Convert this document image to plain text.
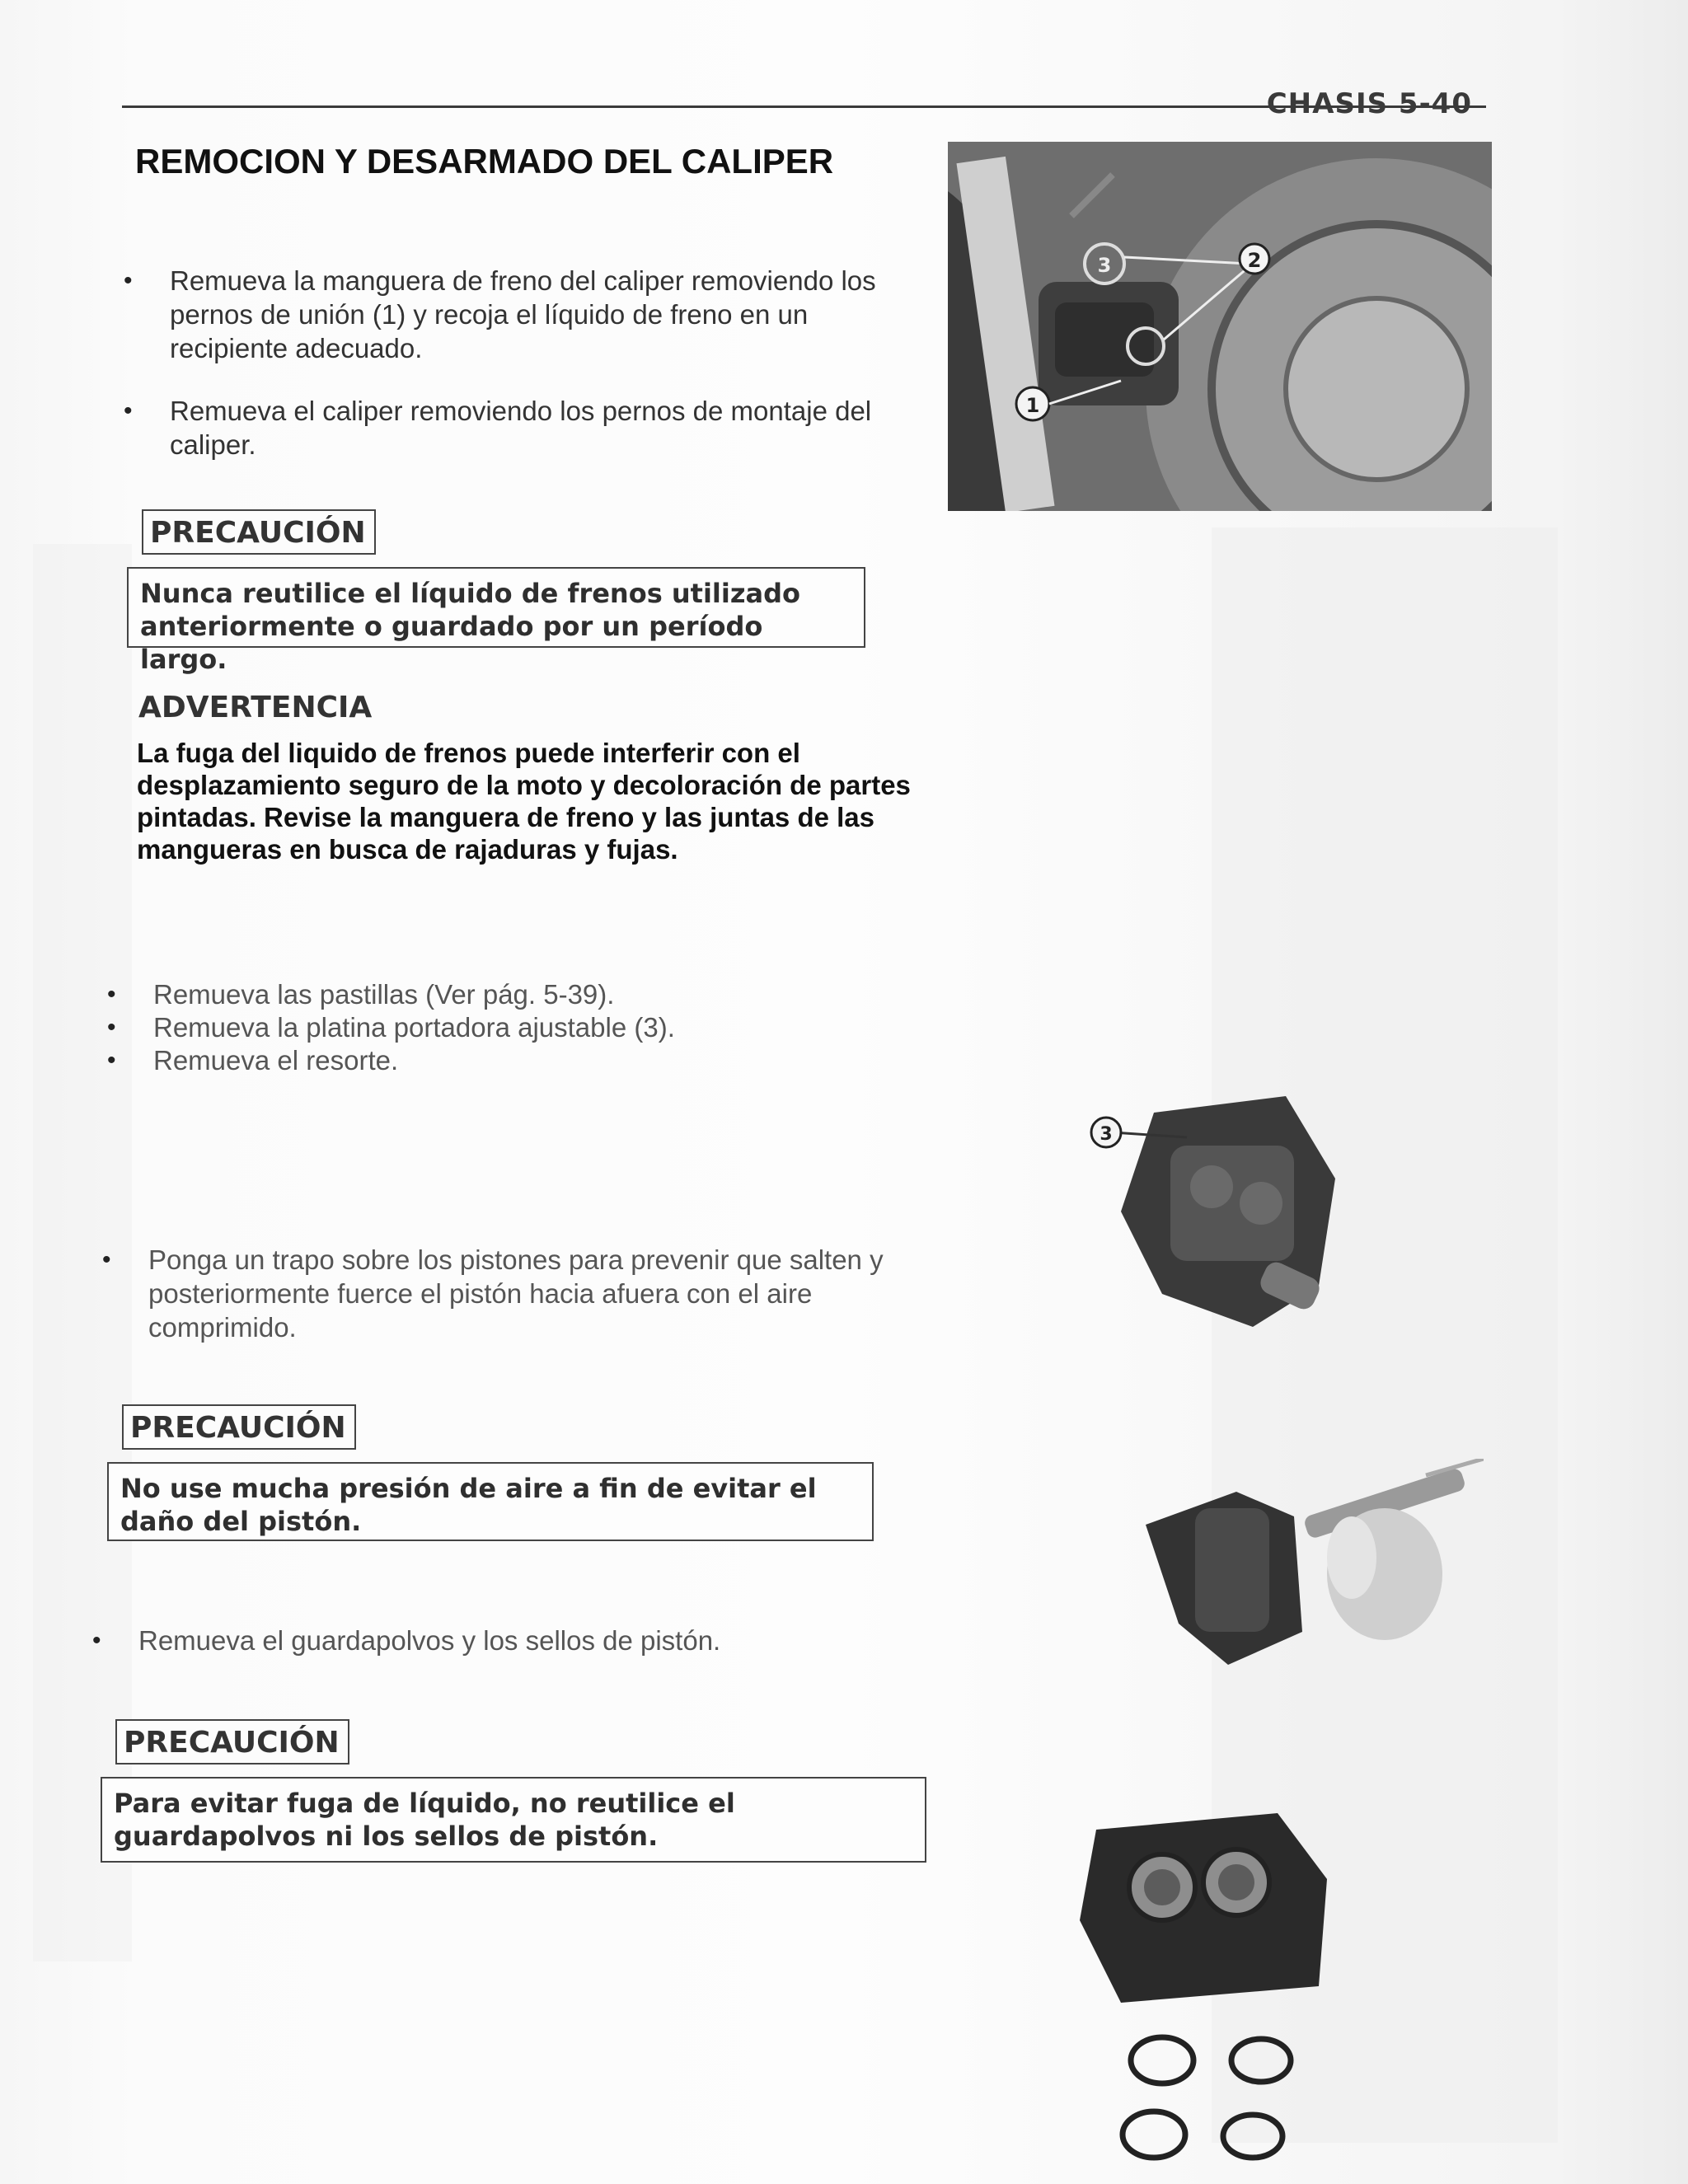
CHASIS 5-40
REMOCION Y DESARMADO DEL CALIPER
• Remueva la manguera de freno del caliper removiendo los pernos de unión (1) y recoja el líquido de freno en un recipiente adecuado.
• Remueva el caliper removiendo los pernos de montaje del caliper.
PRECAUCIÓN
Nunca reutilice el líquido de frenos utilizado anteriormente o guardado por un período largo.
ADVERTENCIA
La fuga del liquido de frenos puede interferir con el desplazamiento seguro de la moto y decoloración de partes pintadas. Revise la manguera de freno y las juntas de las mangueras en busca de rajaduras y fujas.
• Remueva las pastillas (Ver pág. 5-39).
• Remueva la platina portadora ajustable (3).
• Remueva el resorte.
• Ponga un trapo sobre los pistones para prevenir que salten y posteriormente fuerce el pistón hacia afuera con el aire comprimido.
PRECAUCIÓN
No use mucha presión de aire a fin de evitar el daño del pistón.
• Remueva el guardapolvos y los sellos de pistón.
PRECAUCIÓN
Para evitar fuga de líquido, no reutilice el guardapolvos ni los sellos de pistón.
2
3
1
3
